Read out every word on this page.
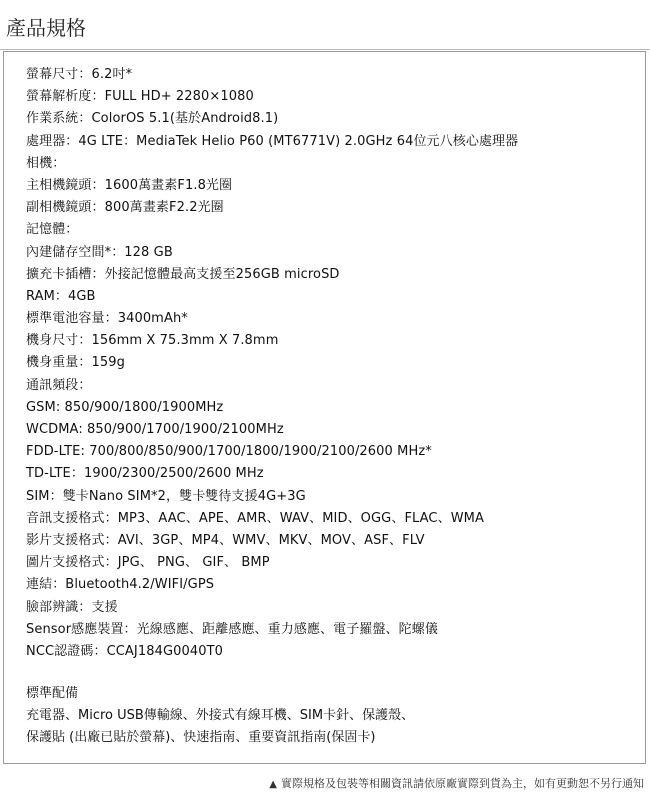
產品規格
螢幕尺寸：6.2吋*
螢幕解析度：FULL HD+ 2280×1080
作業系統：ColorOS 5.1(基於Android8.1)
處理器：4G LTE：MediaTek Helio P60 (MT6771V) 2.0GHz 64位元八核心處理器
相機：
主相機鏡頭：1600萬畫素F1.8光圈
副相機鏡頭：800萬畫素F2.2光圈
記憶體：
內建儲存空間*：128 GB
擴充卡插槽：外接記憶體最高支援至256GB microSD
RAM：4GB
標準電池容量：3400mAh*
機身尺寸：156mm X 75.3mm X 7.8mm
機身重量：159g
通訊頻段：
GSM: 850/900/1800/1900MHz
WCDMA: 850/900/1700/1900/2100MHz
FDD-LTE: 700/800/850/900/1700/1800/1900/2100/2600 MHz*
TD-LTE：1900/2300/2500/2600 MHz
SIM：雙卡Nano SIM*2，雙卡雙待支援4G+3G
音訊支援格式：MP3、AAC、APE、AMR、WAV、MID、OGG、FLAC、WMA
影片支援格式：AVI、3GP、MP4、WMV、MKV、MOV、ASF、FLV
圖片支援格式：JPG、 PNG、 GIF、 BMP
連結：Bluetooth4.2/WIFI/GPS
臉部辨識：支援
Sensor感應裝置：光線感應、距離感應、重力感應、電子羅盤、陀螺儀
NCC認證碼：CCAJ184G0040T0

標準配備

充電器、Micro USB傳輸線、外接式有線耳機、SIM卡針、保護殼、

保護貼 (出廠已貼於螢幕)、快速指南、重要資訊指南(保固卡)

▲ 實際規格及包裝等相關資訊請依原廠實際到貨為主，如有更動恕不另行通知
